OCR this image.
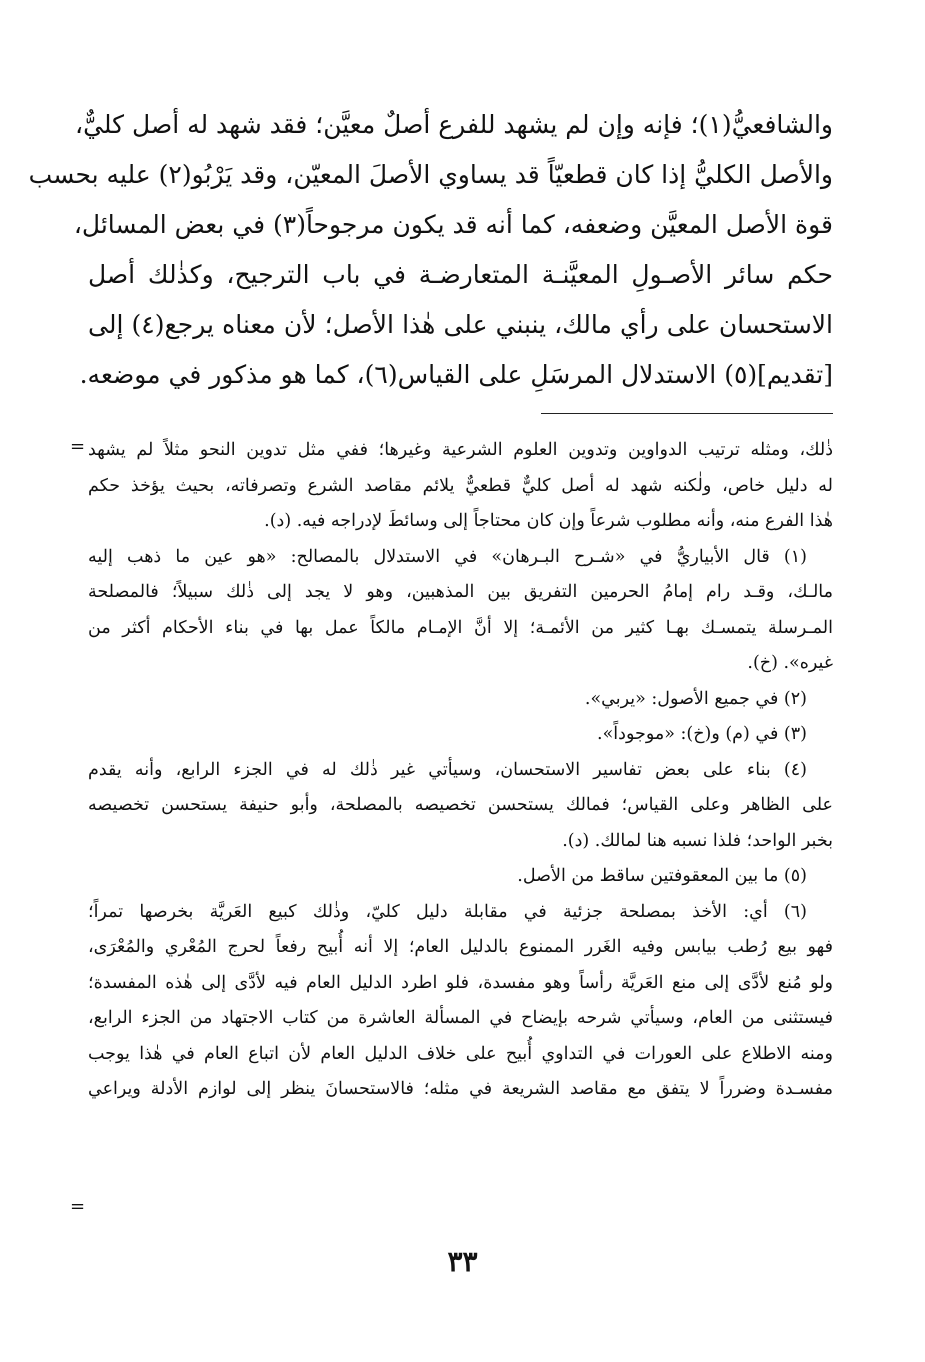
والشافعيُّ(١)؛ فإنه وإن لم يشهد للفرع أصلٌ معيَّن؛ فقد شهد له أصل كليٌّ،
والأصل الكليُّ إذا كان قطعيّاً قد يساوي الأصلَ المعيّن، وقد يَرْبُو(٢) عليه بحسب
قوة الأصل المعيَّن وضعفه، كما أنه قد يكون مرجوحاً(٣) في بعض المسائل،
حكم سائر الأصـولِ المعيَّنـة المتعارضـة في باب الترجيح، وكذٰلك أصل
الاستحسان على رأي مالك، ينبني على هٰذا الأصل؛ لأن معناه يرجع(٤) إلى
[تقديم](٥) الاستدلال المرسَلِ على القياس(٦)، كما هو مذكور في موضعه.
= ذٰلك، ومثله ترتيب الدواوين وتدوين العلوم الشرعية وغيرها؛ ففي مثل تدوين النحو مثلاً لم يشهد
له دليل خاص، ولٰكنه شهد له أصل كليٌّ قطعيٌّ يلائم مقاصد الشرع وتصرفاته، بحيث يؤخذ حكم
هٰذا الفرع منه، وأنه مطلوب شرعاً وإن كان محتاجاً إلى وسائطَ لإدراجه فيه. (د).
(١) قال الأبياريُّ في «شـرح البـرهان» في الاستدلال بالمصالح: «هو عين ما ذهب إليه
مالـك، وقـد رام إمامُ الحرمين التفريق بين المذهبين، وهو لا يجد إلى ذٰلك سبيلاً؛ فالمصلحة
المـرسلة يتمسـك بهـا كثير من الأئمـة؛ إلا أنَّ الإمـام مالكاً عمل بها في بناء الأحكام أكثر من
غيره». (خ).
(٢) في جميع الأصول: «يربي».
(٣) في (م) و(خ): «موجوداً».
(٤) بناء على بعض تفاسير الاستحسان، وسيأتي غير ذٰلك له في الجزء الرابع، وأنه يقدم
على الظاهر وعلى القياس؛ فمالك يستحسن تخصيصه بالمصلحة، وأبو حنيفة يستحسن تخصيصه
بخبر الواحد؛ فلذا نسبه هنا لمالك. (د).
(٥) ما بين المعقوفتين ساقط من الأصل.
(٦) أي: الأخذ بمصلحة جزئية في مقابلة دليل كليّ، وذٰلك كبيع العَريَّة بخرصها تمراً؛
فهو بيع رُطب بيابس وفيه الغَرر الممنوع بالدليل العام؛ إلا أنه أُبيح رفعاً لحرج المُعْري والمُعْرَى،
ولو مُنع لأدَّى إلى منع العَريَّة رأساً وهو مفسدة، فلو اطرد الدليل العام فيه لأدَّى إلى هٰذه المفسدة؛
فيستثنى من العام، وسيأتي شرحه بإيضاح في المسألة العاشرة من كتاب الاجتهاد من الجزء الرابع،
ومنه الاطلاع على العورات في التداوي أُبيح على خلاف الدليل العام لأن اتباع العام في هٰذا يوجب
مفسـدة وضرراً لا يتفق مع مقاصد الشريعة في مثله؛ فالاستحسانَ ينظر إلى لوازم الأدلة ويراعي
=
٣٣
